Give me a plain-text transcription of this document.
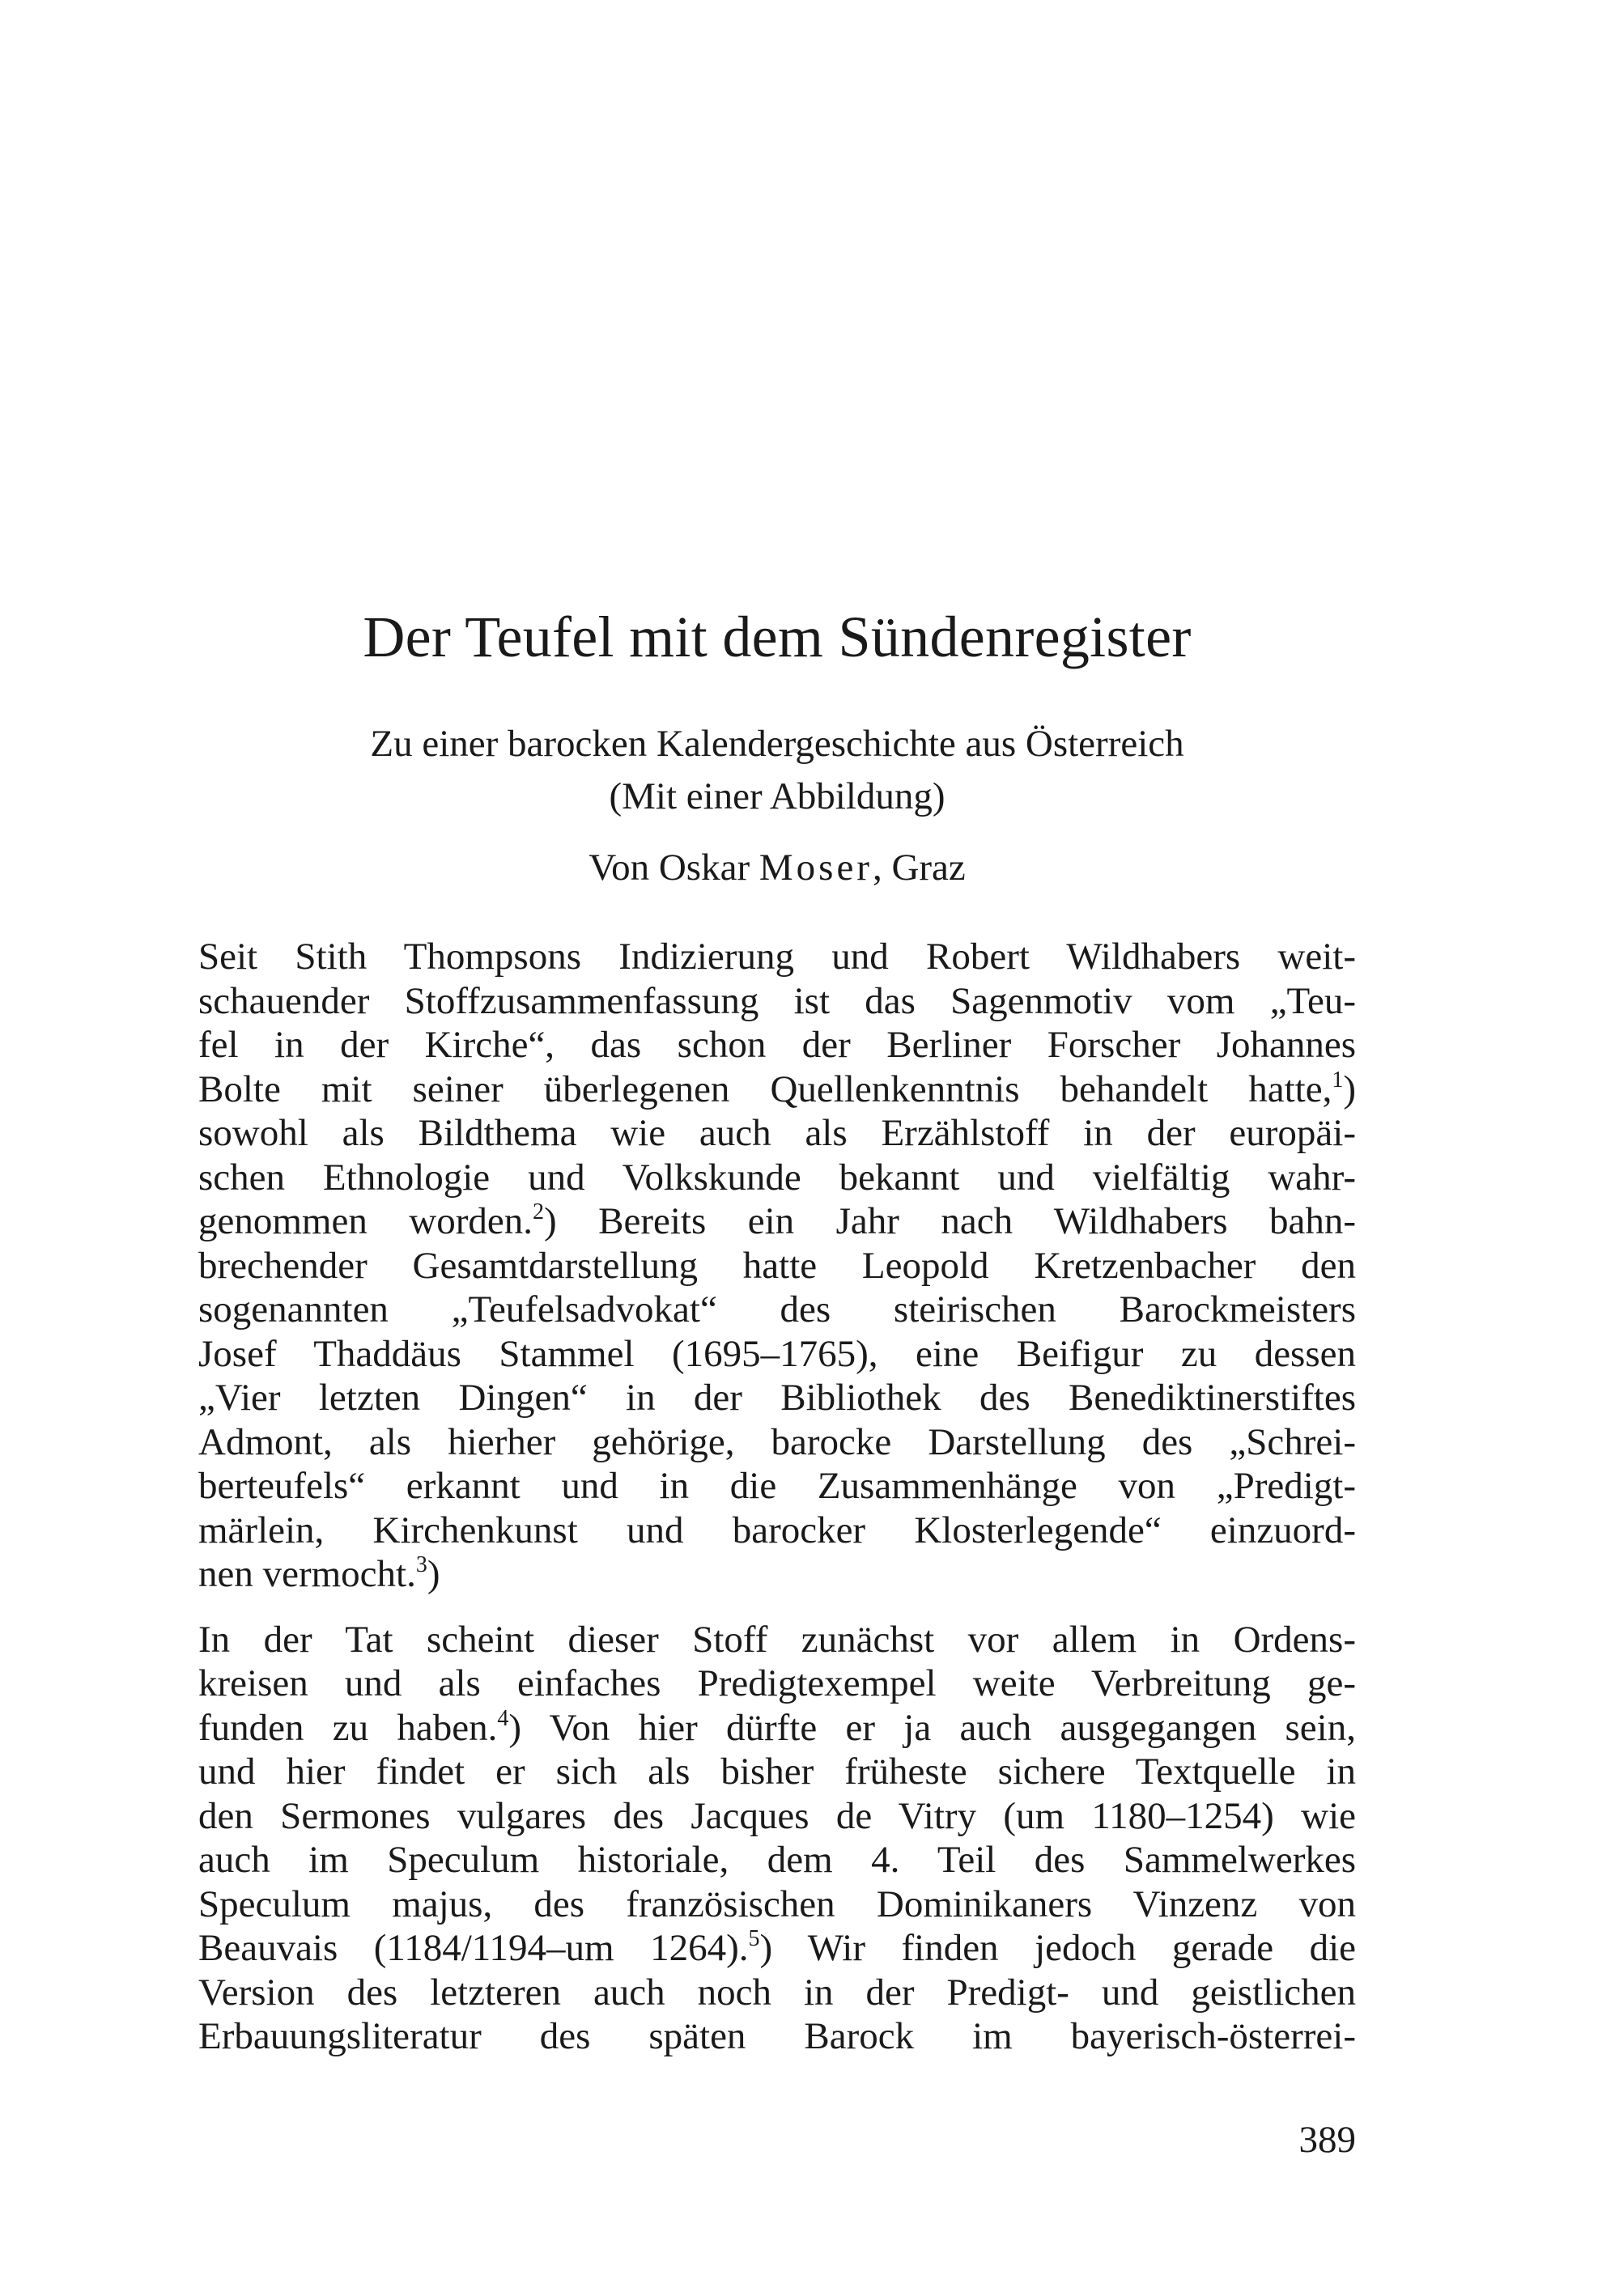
Der Teufel mit dem Sündenregister

Zu einer barocken Kalendergeschichte aus Österreich

(Mit einer Abbildung)

Von Oskar Moser, Graz

Seit Stith Thompsons Indizierung und Robert Wildhabers weit-
schauender Stoffzusammenfassung ist das Sagenmotiv vom „Teu-
fel in der Kirche“, das schon der Berliner Forscher Johannes
Bolte mit seiner überlegenen Quellenkenntnis behandelt hatte,$^1$)
sowohl als Bildthema wie auch als Erzählstoff in der europäi-
schen Ethnologie und Volkskunde bekannt und vielfältig wahr-
genommen worden.$^2$) Bereits ein Jahr nach Wildhabers bahn-
brechender Gesamtdarstellung hatte Leopold Kretzenbacher den
sogenannten „Teufelsadvokat“ des steirischen Barockmeisters
Josef Thaddäus Stammel (1695–1765), eine Beifigur zu dessen
„Vier letzten Dingen“ in der Bibliothek des Benediktinerstiftes
Admont, als hierher gehörige, barocke Darstellung des „Schrei-
berteufels“ erkannt und in die Zusammenhänge von „Predigt-
märlein, Kirchenkunst und barocker Klosterlegende“ einzuord-
nen vermocht.$^3$)

In der Tat scheint dieser Stoff zunächst vor allem in Ordens-
kreisen und als einfaches Predigtexempel weite Verbreitung ge-
funden zu haben.$^4$) Von hier dürfte er ja auch ausgegangen sein,
und hier findet er sich als bisher früheste sichere Textquelle in
den Sermones vulgares des Jacques de Vitry (um 1180–1254) wie
auch im Speculum historiale, dem 4. Teil des Sammelwerkes
Speculum majus, des französischen Dominikaners Vinzenz von
Beauvais (1184/1194–um 1264).$^5$) Wir finden jedoch gerade die
Version des letzteren auch noch in der Predigt- und geistlichen
Erbauungsliteratur des späten Barock im bayerisch-österrei-

389
